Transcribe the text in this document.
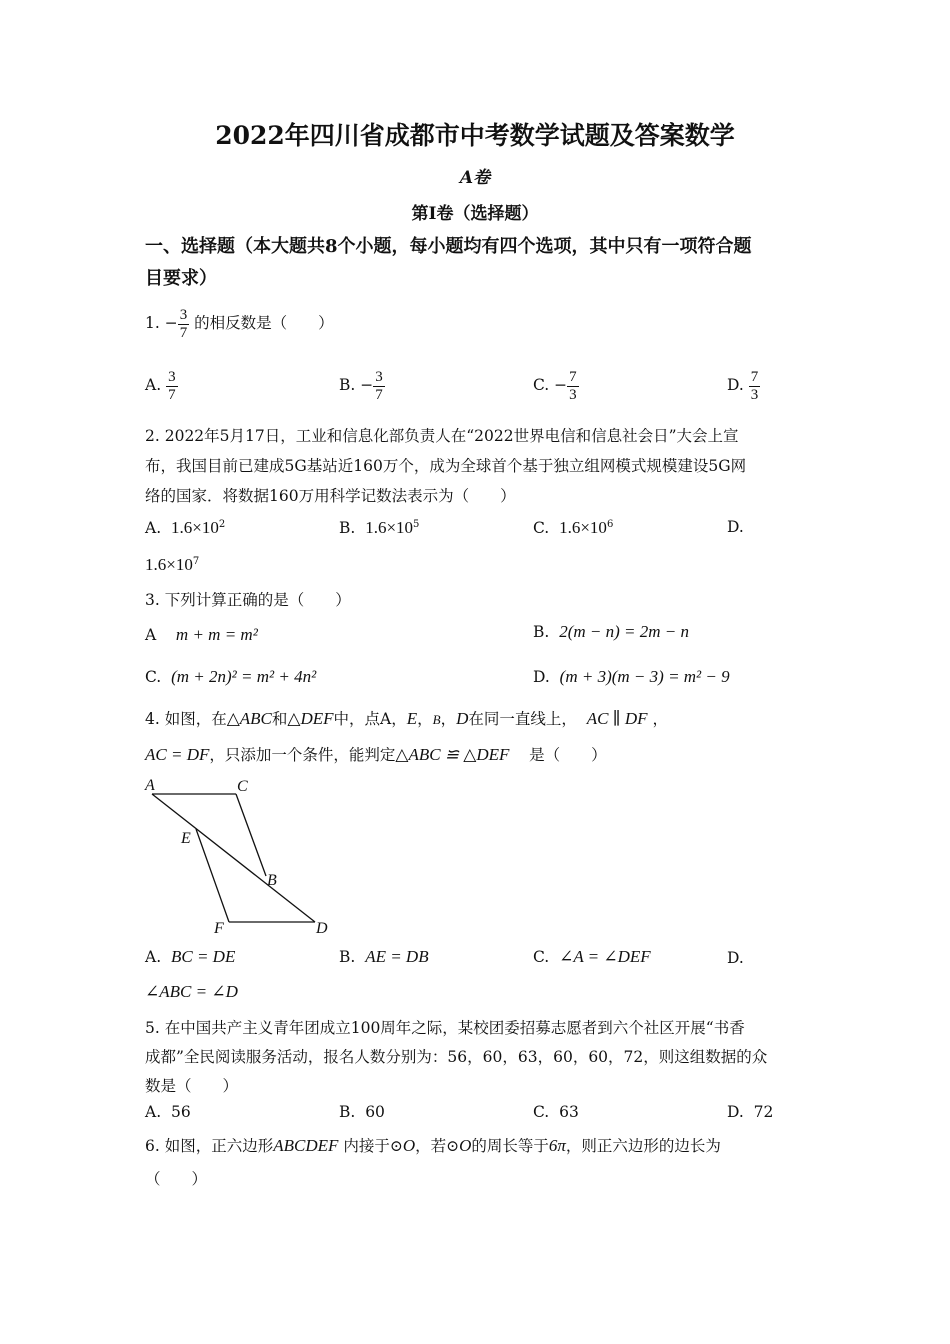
2022年四川省成都市中考数学试题及答案数学
A卷
第Ⅰ卷（选择题）
一、选择题（本大题共8个小题，每小题均有四个选项，其中只有一项符合题
目要求）
1. − $\frac{3}{7}$ 的相反数是（　　）
A. $\frac{3}{7}$	B. − $\frac{3}{7}$	C. − $\frac{7}{3}$	D. $\frac{7}{3}$
2. 2022年5月17日，工业和信息化部负责人在“2022世界电信和信息社会日”大会上宣
布，我国目前已建成5G基站近160万个，成为全球首个基于独立组网模式规模建设5G网
络的国家．将数据160万用科学记数法表示为（　　）
A. $1.6\times 10^2$	B. $1.6\times 10^5$	C. $1.6\times 10^6$	D.
$1.6\times 10^7$
3. 下列计算正确的是（　　）
A m + m = m²	B. 2(m − n) = 2m − n
C. (m + 2n)² = m² + 4n²	D. (m + 3)(m − 3) = m² − 9
4. 如图，在△ABC和△DEF中，点A，E，B，D在同一直线上， AC ∥ DF ，
AC = DF，只添加一个条件，能判定△ABC ≌ △DEF 是（　　）
A	C
E
B
F	D
A. BC = DE	B. AE = DB	C. ∠A = ∠DEF	D.
∠ABC = ∠D
5. 在中国共产主义青年团成立100周年之际，某校团委招募志愿者到六个社区开展“书香
成都”全民阅读服务活动，报名人数分别为：56，60，63，60，60，72，则这组数据的众
数是（　　）
A. 56	B. 60	C. 63	D. 72
6. 如图，正六边形ABCDEF 内接于⊙O，若⊙O的周长等于6π，则正六边形的边长为
（　　）
